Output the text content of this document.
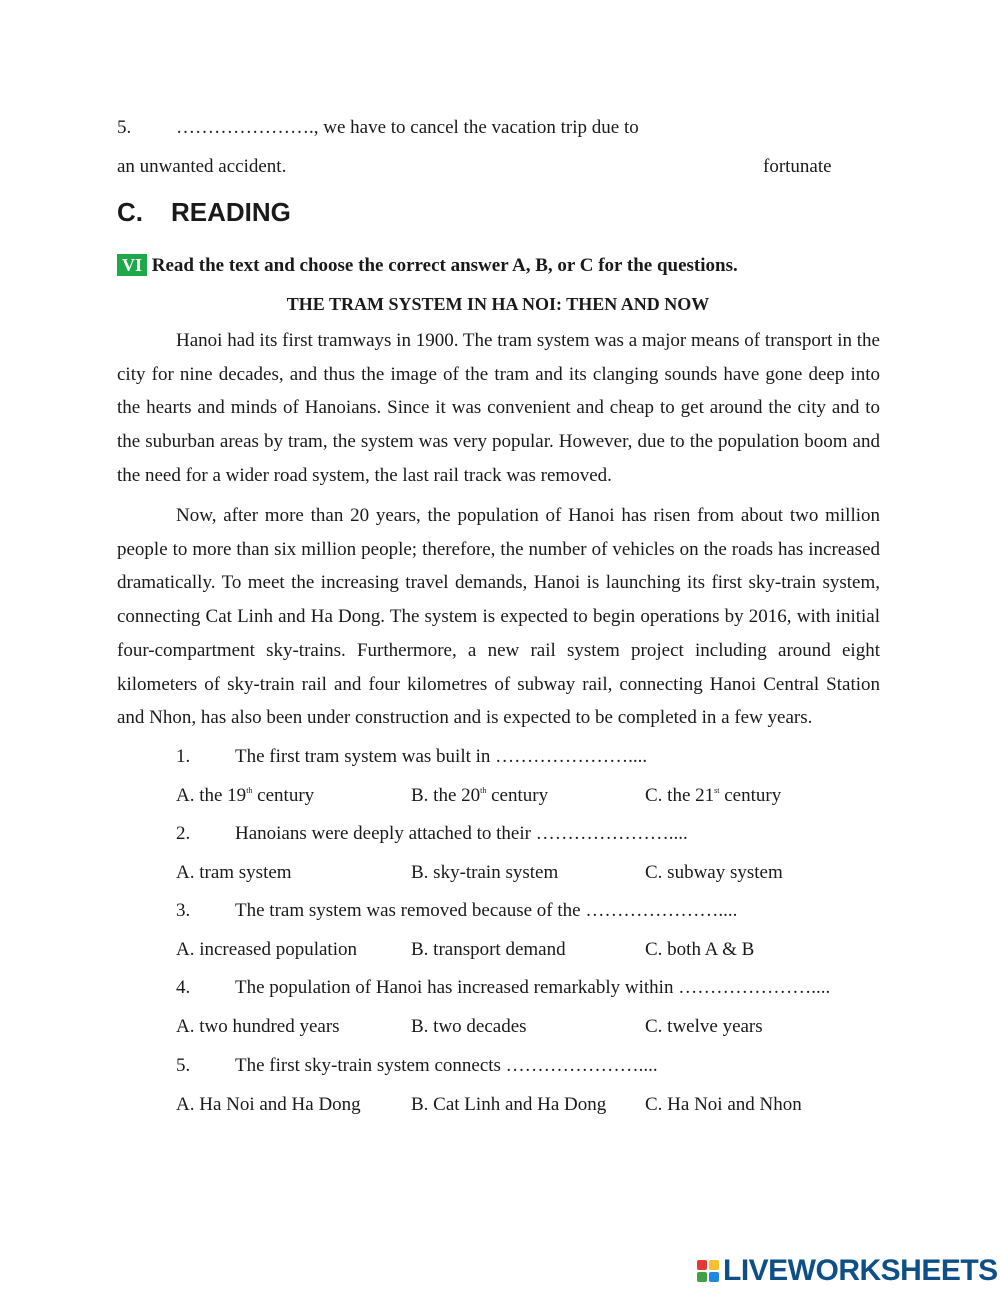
5. …………………., we have to cancel the vacation trip due to
an unwanted accident.	fortunate
C. READING
VI Read the text and choose the correct answer A, B, or C for the questions.
THE TRAM SYSTEM IN HA NOI: THEN AND NOW

Hanoi had its first tramways in 1900. The tram system was a major means of transport in the city for nine decades, and thus the image of the tram and its clanging sounds have gone deep into the hearts and minds of Hanoians. Since it was convenient and cheap to get around the city and to the suburban areas by tram, the system was very popular. However, due to the population boom and the need for a wider road system, the last rail track was removed.

Now, after more than 20 years, the population of Hanoi has risen from about two million people to more than six million people; therefore, the number of vehicles on the roads has increased dramatically. To meet the increasing travel demands, Hanoi is launching its first sky-train system, connecting Cat Linh and Ha Dong. The system is expected to begin operations by 2016, with initial four-compartment sky-trains. Furthermore, a new rail system project including around eight kilometers of sky-train rail and four kilometres of subway rail, connecting Hanoi Central Station and Nhon, has also been under construction and is expected to be completed in a few years.

1. The first tram system was built in …………………....
A. the 19th century	B. the 20th century	C. the 21st century
2. Hanoians were deeply attached to their …………………....
A. tram system	B. sky-train system	C. subway system
3. The tram system was removed because of the …………………....
A. increased population	B. transport demand	C. both A & B
4. The population of Hanoi has increased remarkably within …………………....
A. two hundred years	B. two decades	C. twelve years
5. The first sky-train system connects …………………....
A. Ha Noi and Ha Dong	B. Cat Linh and Ha Dong C. Ha Noi and Nhon
LIVEWORKSHEETS
